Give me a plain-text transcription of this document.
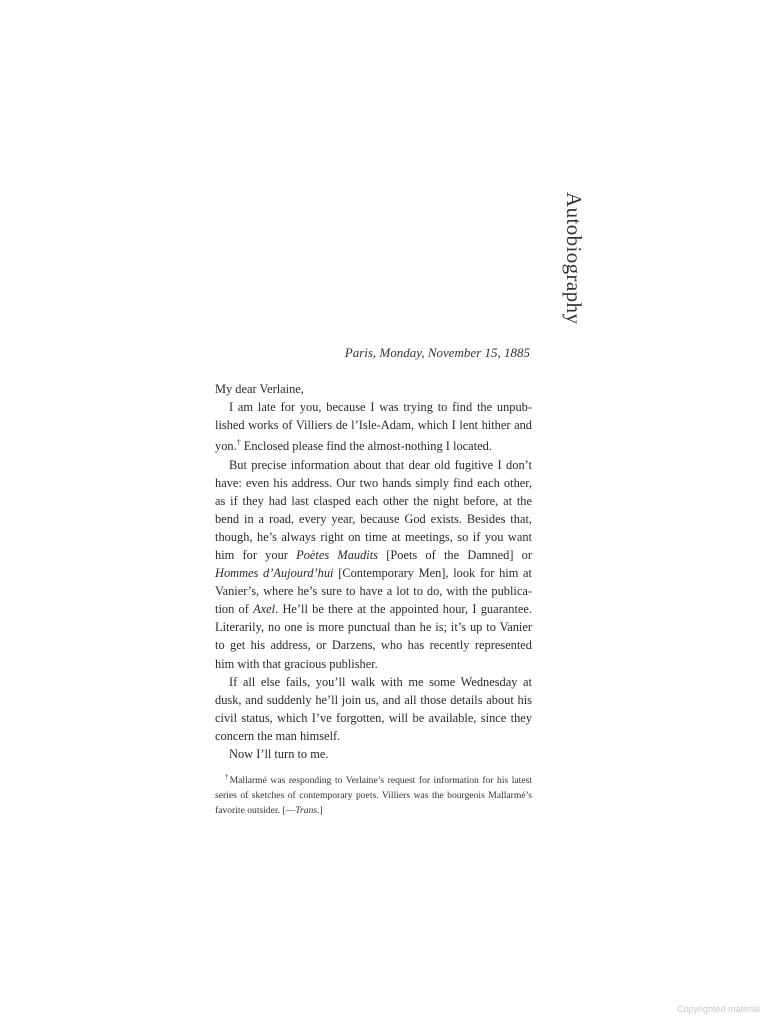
Autobiography
Paris, Monday, November 15, 1885

My dear Verlaine,

I am late for you, because I was trying to find the unpub-lished works of Villiers de l’Isle-Adam, which I lent hither and yon.† Enclosed please find the almost-nothing I located.

But precise information about that dear old fugitive I don’t have: even his address. Our two hands simply find each other, as if they had last clasped each other the night before, at the bend in a road, every year, because God exists. Besides that, though, he’s always right on time at meetings, so if you want him for your Poètes Maudits [Poets of the Damned] or Hommes d’Aujourd’hui [Contemporary Men], look for him at Vanier’s, where he’s sure to have a lot to do, with the publica-tion of Axel. He’ll be there at the appointed hour, I guarantee. Literarily, no one is more punctual than he is; it’s up to Vanier to get his address, or Darzens, who has recently represented him with that gracious publisher.

If all else fails, you’ll walk with me some Wednesday at dusk, and suddenly he’ll join us, and all those details about his civil status, which I’ve forgotten, will be available, since they concern the man himself.

Now I’ll turn to me.

†Mallarmé was responding to Verlaine’s request for information for his latest series of sketches of contemporary poets. Villiers was the bourgeois Mallarmé’s favorite outsider. [—Trans.]
Copyrighted material
